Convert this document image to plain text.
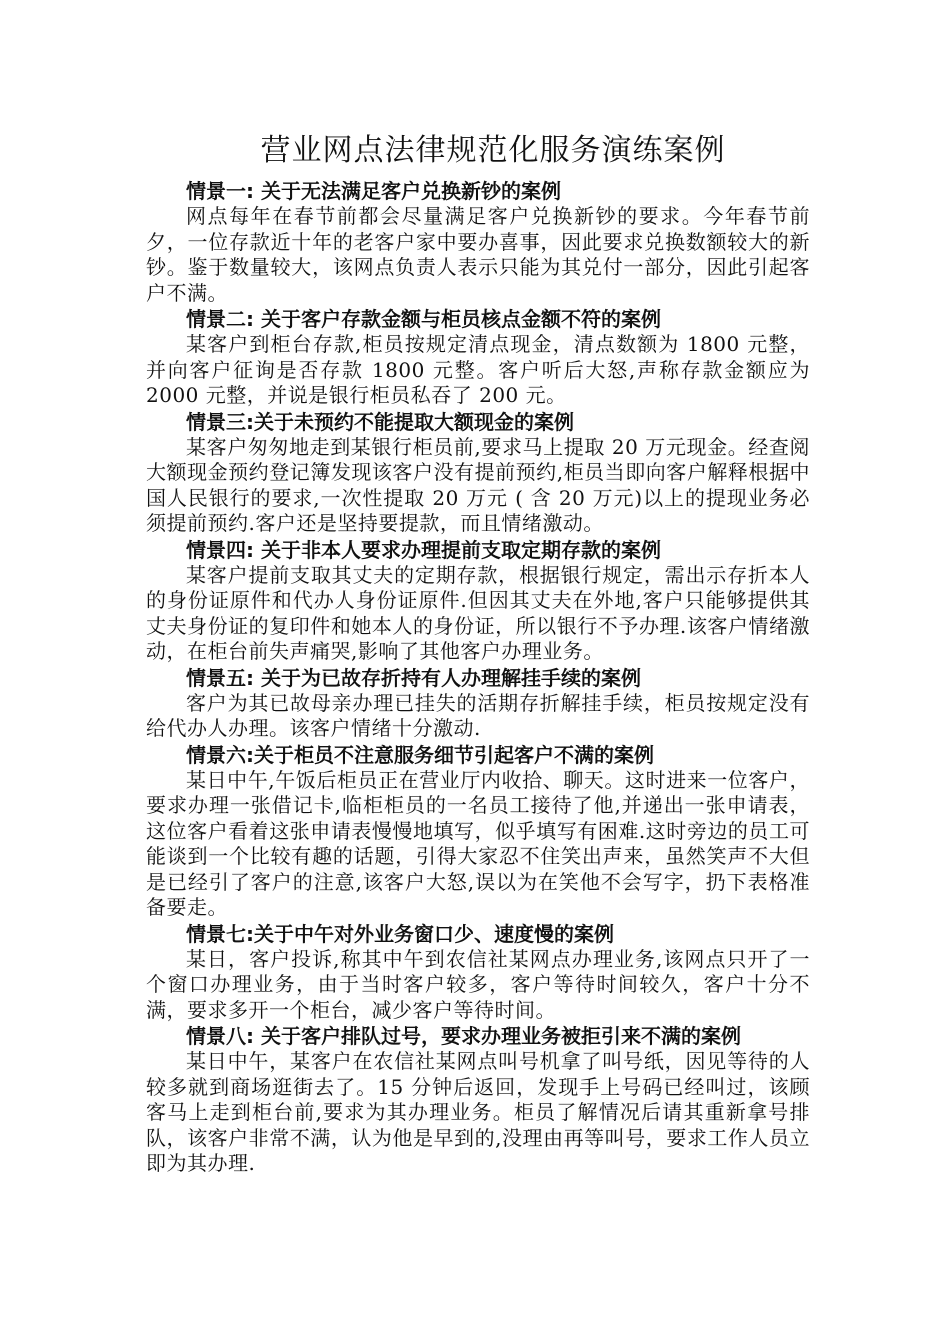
营业网点法律规范化服务演练案例

情景一: 关于无法满足客户兑换新钞的案例

网点每年在春节前都会尽量满足客户兑换新钞的要求。今年春节前夕，一位存款近十年的老客户家中要办喜事，因此要求兑换数额较大的新钞。鉴于数量较大，该网点负责人表示只能为其兑付一部分，因此引起客户不满。

情景二: 关于客户存款金额与柜员核点金额不符的案例

某客户到柜台存款,柜员按规定清点现金，清点数额为 1800 元整，并向客户征询是否存款 1800 元整。客户听后大怒,声称存款金额应为 2000 元整，并说是银行柜员私吞了 200 元。

情景三:关于未预约不能提取大额现金的案例

某客户匆匆地走到某银行柜员前,要求马上提取 20 万元现金。经查阅大额现金预约登记簿发现该客户没有提前预约,柜员当即向客户解释根据中国人民银行的要求,一次性提取 20 万元 ( 含 20 万元)以上的提现业务必须提前预约.客户还是坚持要提款，而且情绪激动。

情景四: 关于非本人要求办理提前支取定期存款的案例

某客户提前支取其丈夫的定期存款，根据银行规定，需出示存折本人的身份证原件和代办人身份证原件.但因其丈夫在外地,客户只能够提供其丈夫身份证的复印件和她本人的身份证，所以银行不予办理.该客户情绪激动，在柜台前失声痛哭,影响了其他客户办理业务。

情景五: 关于为已故存折持有人办理解挂手续的案例

客户为其已故母亲办理已挂失的活期存折解挂手续，柜员按规定没有给代办人办理。该客户情绪十分激动.

情景六:关于柜员不注意服务细节引起客户不满的案例

某日中午,午饭后柜员正在营业厅内收拾、聊天。这时进来一位客户，要求办理一张借记卡,临柜柜员的一名员工接待了他,并递出一张申请表，这位客户看着这张申请表慢慢地填写，似乎填写有困难.这时旁边的员工可能谈到一个比较有趣的话题，引得大家忍不住笑出声来，虽然笑声不大但是已经引了客户的注意,该客户大怒,误以为在笑他不会写字，扔下表格准备要走。

情景七:关于中午对外业务窗口少、速度慢的案例

某日，客户投诉,称其中午到农信社某网点办理业务,该网点只开了一个窗口办理业务，由于当时客户较多，客户等待时间较久，客户十分不满，要求多开一个柜台，减少客户等待时间。

情景八: 关于客户排队过号，要求办理业务被拒引来不满的案例

某日中午，某客户在农信社某网点叫号机拿了叫号纸，因见等待的人较多就到商场逛街去了。15 分钟后返回，发现手上号码已经叫过，该顾客马上走到柜台前,要求为其办理业务。柜员了解情况后请其重新拿号排队，该客户非常不满，认为他是早到的,没理由再等叫号，要求工作人员立即为其办理.
